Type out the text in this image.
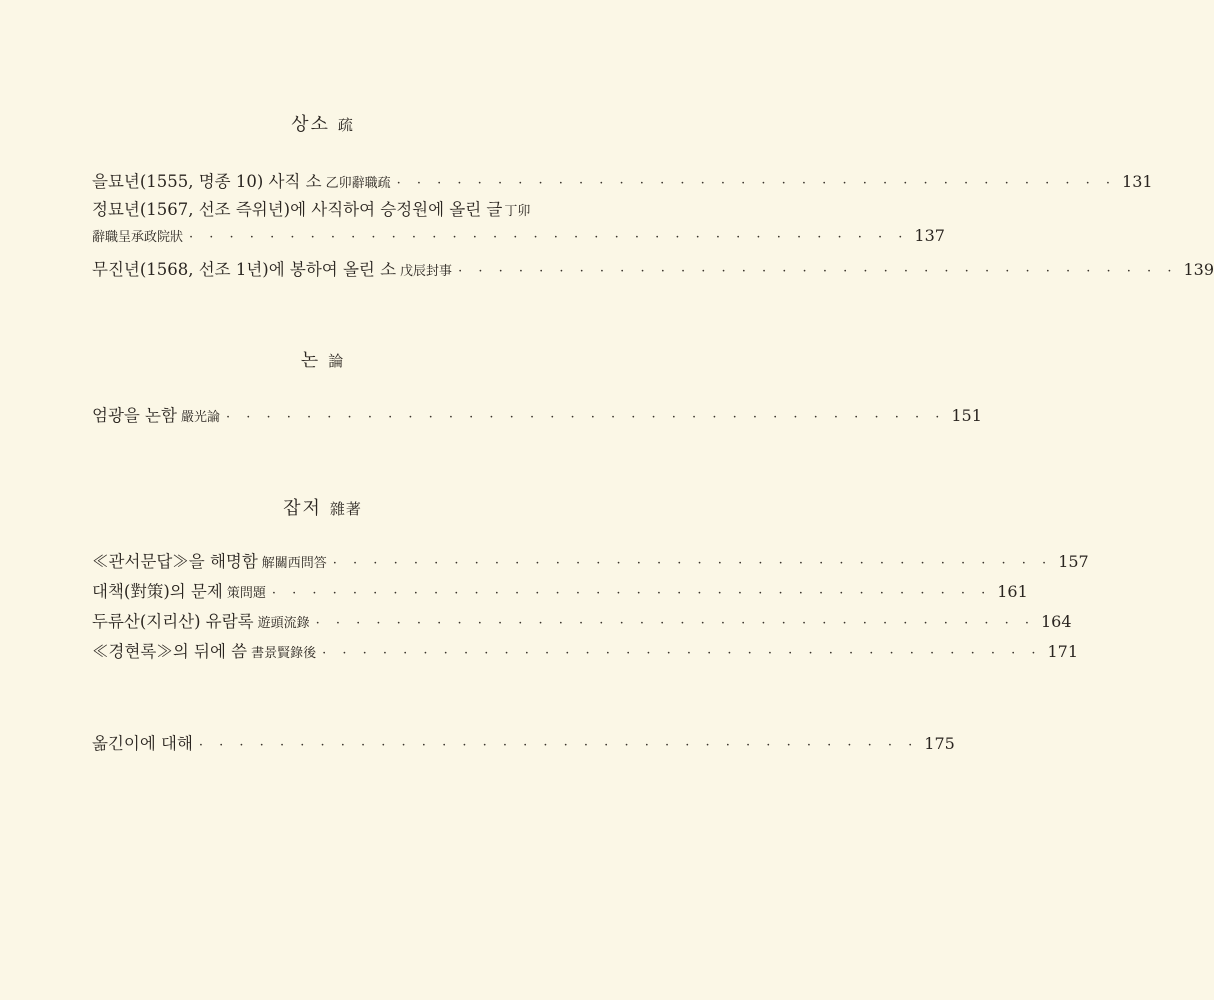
상소 疏
을묘년(1555, 명종 10) 사직 소 乙卯辭職疏 · · · · · · · · · · · · · · · · · · · · · · · · · · · · · · · · · · · · 131
정묘년(1567, 선조 즉위년)에 사직하여 승정원에 올린 글 丁卯
辭職呈承政院狀 · · · · · · · · · · · · · · · · · · · · · · · · · · · · · · · · · · · · 137
무진년(1568, 선조 1년)에 봉하여 올린 소 戊辰封事 · · · · · · · · · · · · · · · · · · · · · · · · · · · · · · · · · · · · 139
논 論
엄광을 논함 嚴光論 · · · · · · · · · · · · · · · · · · · · · · · · · · · · · · · · · · · · 151
잡저 雜著
≪관서문답≫을 해명함 解關西問答 · · · · · · · · · · · · · · · · · · · · · · · · · · · · · · · · · · · · 157
대책(對策)의 문제 策問題 · · · · · · · · · · · · · · · · · · · · · · · · · · · · · · · · · · · · 161
두류산(지리산) 유람록 遊頭流錄 · · · · · · · · · · · · · · · · · · · · · · · · · · · · · · · · · · · · 164
≪경현록≫의 뒤에 씀 書景賢錄後 · · · · · · · · · · · · · · · · · · · · · · · · · · · · · · · · · · · · 171
옮긴이에 대해 · · · · · · · · · · · · · · · · · · · · · · · · · · · · · · · · · · · · 175
